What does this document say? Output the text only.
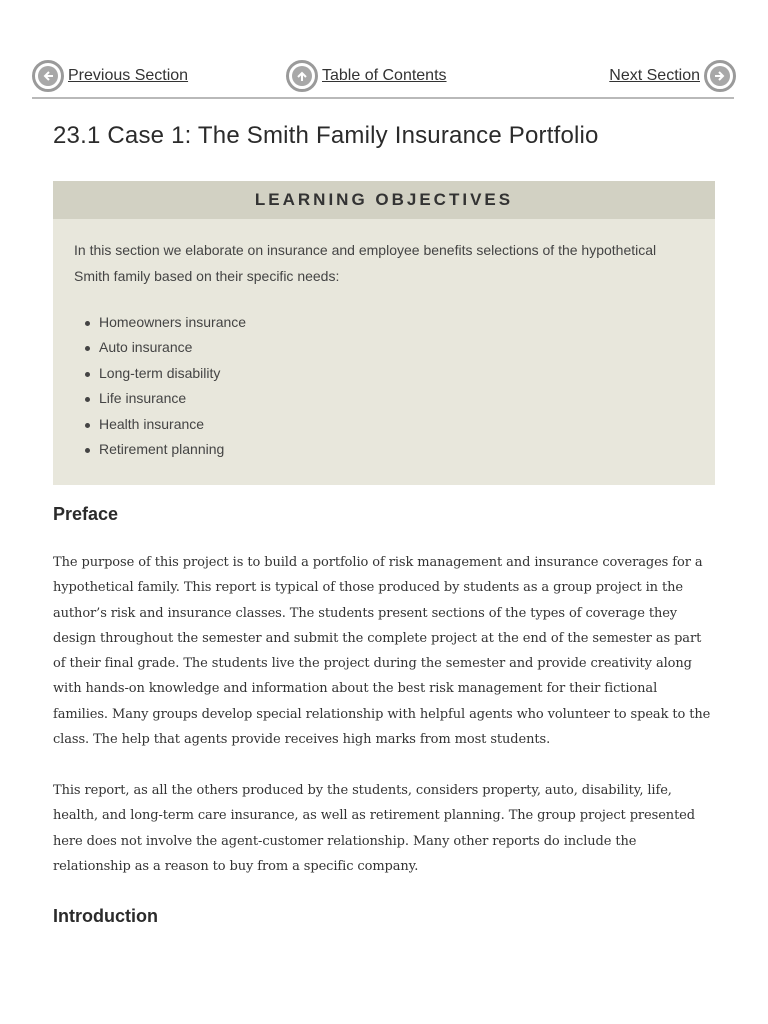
Previous Section	Table of Contents	Next Section
23.1 Case 1: The Smith Family Insurance Portfolio
LEARNING OBJECTIVES

In this section we elaborate on insurance and employee benefits selections of the hypothetical Smith family based on their specific needs:

Homeowners insurance
Auto insurance
Long-term disability
Life insurance
Health insurance
Retirement planning
Preface

The purpose of this project is to build a portfolio of risk management and insurance coverages for a hypothetical family. This report is typical of those produced by students as a group project in the author’s risk and insurance classes. The students present sections of the types of coverage they design throughout the semester and submit the complete project at the end of the semester as part of their final grade. The students live the project during the semester and provide creativity along with hands-on knowledge and information about the best risk management for their fictional families. Many groups develop special relationship with helpful agents who volunteer to speak to the class. The help that agents provide receives high marks from most students.

This report, as all the others produced by the students, considers property, auto, disability, life, health, and long-term care insurance, as well as retirement planning. The group project presented here does not involve the agent-customer relationship. Many other reports do include the relationship as a reason to buy from a specific company.

Introduction
